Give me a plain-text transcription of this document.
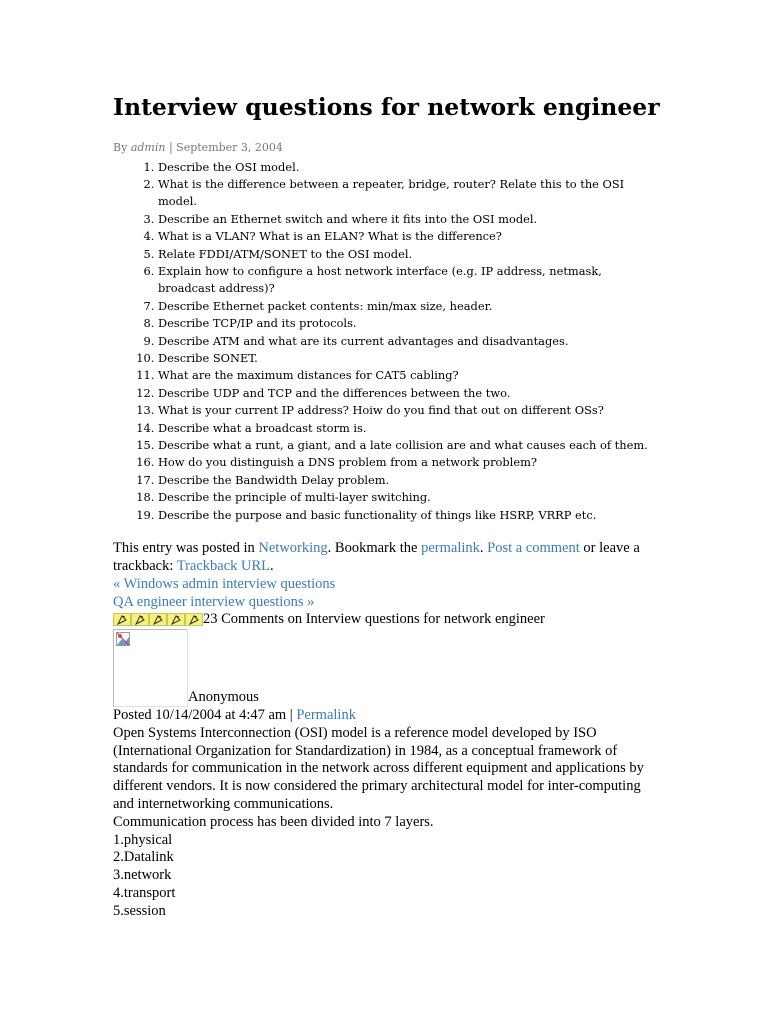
Interview questions for network engineer
By admin | September 3, 2004
1. Describe the OSI model.
2. What is the difference between a repeater, bridge, router? Relate this to the OSI model.
3. Describe an Ethernet switch and where it fits into the OSI model.
4. What is a VLAN? What is an ELAN? What is the difference?
5. Relate FDDI/ATM/SONET to the OSI model.
6. Explain how to configure a host network interface (e.g. IP address, netmask, broadcast address)?
7. Describe Ethernet packet contents: min/max size, header.
8. Describe TCP/IP and its protocols.
9. Describe ATM and what are its current advantages and disadvantages.
10. Describe SONET.
11. What are the maximum distances for CAT5 cabling?
12. Describe UDP and TCP and the differences between the two.
13. What is your current IP address? Hoiw do you find that out on different OSs?
14. Describe what a broadcast storm is.
15. Describe what a runt, a giant, and a late collision are and what causes each of them.
16. How do you distinguish a DNS problem from a network problem?
17. Describe the Bandwidth Delay problem.
18. Describe the principle of multi-layer switching.
19. Describe the purpose and basic functionality of things like HSRP, VRRP etc.
This entry was posted in Networking. Bookmark the permalink. Post a comment or leave a trackback: Trackback URL.
« Windows admin interview questions
QA engineer interview questions »
23 Comments on Interview questions for network engineer
Anonymous
Posted 10/14/2004 at 4:47 am | Permalink

Open Systems Interconnection (OSI) model is a reference model developed by ISO (International Organization for Standardization) in 1984, as a conceptual framework of standards for communication in the network across different equipment and applications by different vendors. It is now considered the primary architectural model for inter-computing and internetworking communications.

Communication process has been divided into 7 layers.
1.physical
2.Datalink
3.network
4.transport
5.session
